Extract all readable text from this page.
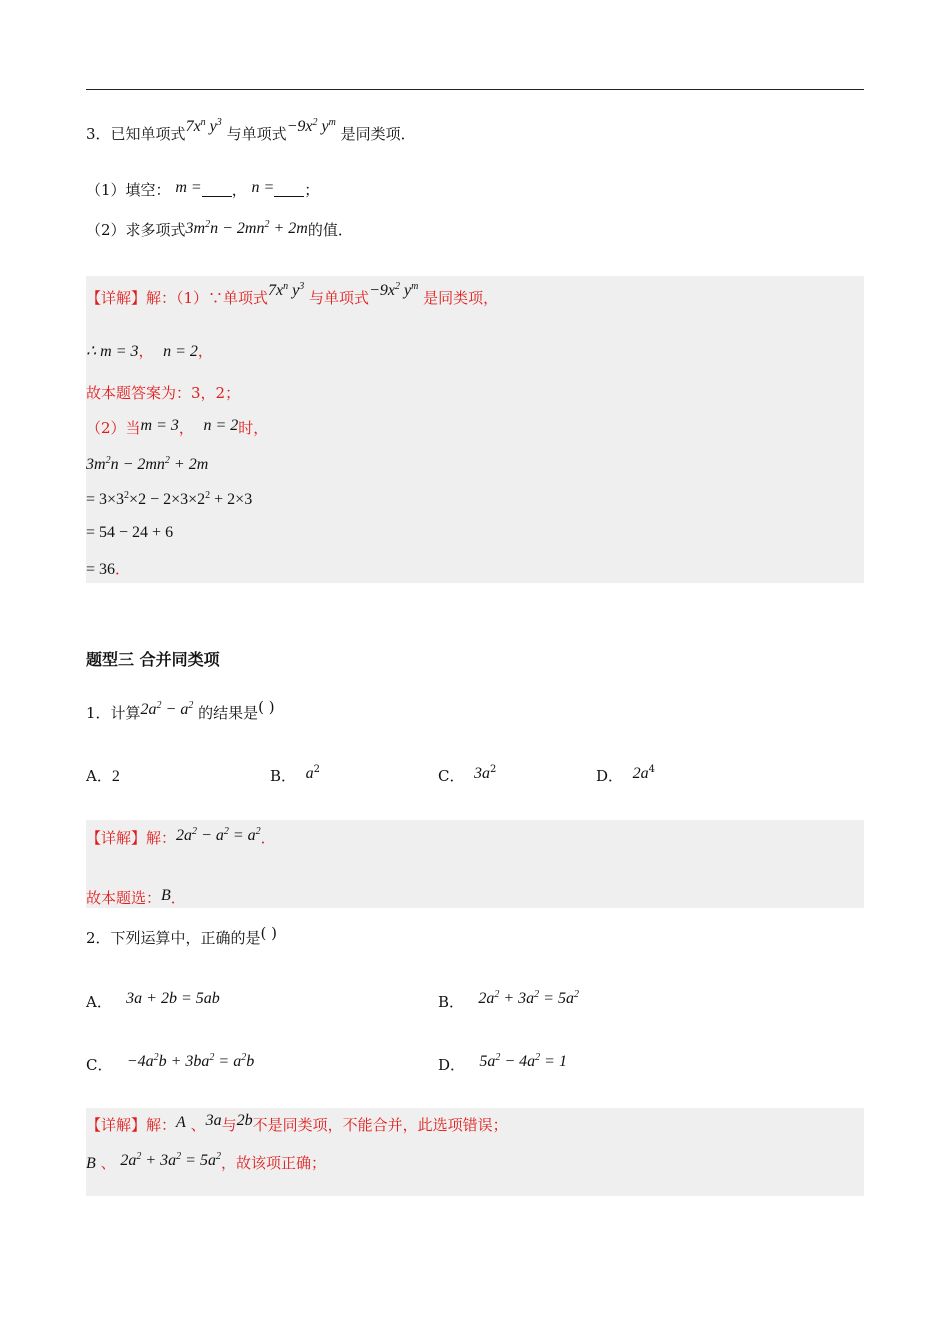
3．已知单项式$7x^n$ $y^3$ 与单项式$-9x^2$ $y^m$ 是同类项．
（1）填空： m = ， n = ；
（2）求多项式$3m^2n - 2mn^2 + 2m$的值．
【详解】解：（1）∵单项式$7x^n$ $y^3$ 与单项式$-9x^2$ $y^m$ 是同类项，
∴ m = 3， n = 2，
故本题答案为：3，2；
（2）当m = 3， n = 2时，
$3m^2n - 2mn^2 + 2m$
= $3\times 3^2\times 2 - 2\times 3\times 2^2 + 2\times 3$
= 54 − 24 + 6
= 36．
题型三 合并同类项
1．计算$2a^2 - a^2$ 的结果是( )
A．2	B． $a^2$	C． $3a^2$	D． $2a^4$
【详解】解：$2a^2 - a^2 = a^2$．
故本题选：B．
2．下列运算中，正确的是( )
A． 3a + 2b = 5ab	B． $2a^2 + 3a^2 = 5a^2$
C． $-4a^2b + 3ba^2 = a^2b$	D． $5a^2 - 4a^2 = 1$
【详解】解：A 、3a与2b不是同类项，不能合并，此选项错误；
B 、 $2a^2 + 3a^2 = 5a^2$，故该项正确；
